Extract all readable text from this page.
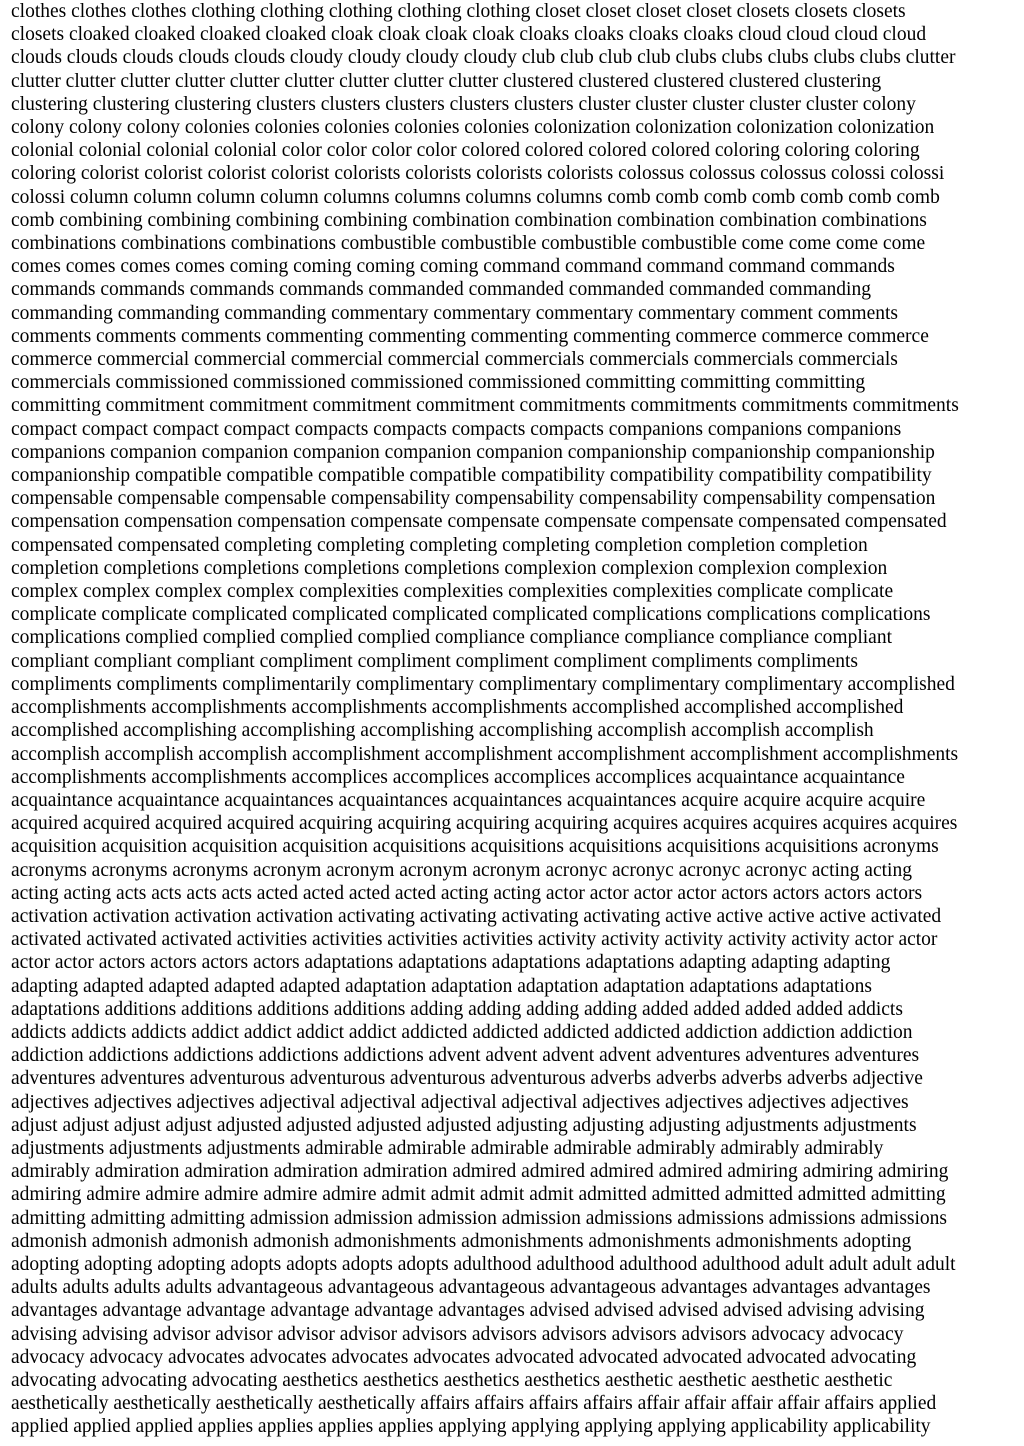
clothes clothes clothes clothing clothing clothing clothing clothing closet closet closet closet closets closets closets
closets cloaked cloaked cloaked cloaked cloak cloak cloak cloak cloaks cloaks cloaks cloaks cloud cloud cloud cloud
clouds clouds clouds clouds clouds cloudy cloudy cloudy cloudy club club club club clubs clubs clubs clubs clubs clutter
clutter clutter clutter clutter clutter clutter clutter clutter clutter clustered clustered clustered clustered clustering
clustering clustering clustering clusters clusters clusters clusters clusters cluster cluster cluster cluster cluster colony
colony colony colony colonies colonies colonies colonies colonies colonization colonization colonization colonization
colonial colonial colonial colonial color color color color colored colored colored colored coloring coloring coloring
coloring colorist colorist colorist colorist colorists colorists colorists colorists colossus colossus colossus colossi colossi
colossi column column column column columns columns columns columns comb comb comb comb comb comb comb
comb combining combining combining combining combination combination combination combination combinations
combinations combinations combinations combustible combustible combustible combustible come come come come
comes comes comes comes coming coming coming coming command command command command commands
commands commands commands commands commanded commanded commanded commanded commanding
commanding commanding commanding commentary commentary commentary commentary comment comments
comments comments comments commenting commenting commenting commenting commerce commerce commerce
commerce commercial commercial commercial commercial commercials commercials commercials commercials
commercials commissioned commissioned commissioned commissioned committing committing committing
committing commitment commitment commitment commitment commitments commitments commitments commitments
compact compact compact compact compacts compacts compacts compacts companions companions companions
companions companion companion companion companion companion companionship companionship companionship
companionship compatible compatible compatible compatible compatibility compatibility compatibility compatibility
compensable compensable compensable compensability compensability compensability compensability compensation
compensation compensation compensation compensate compensate compensate compensate compensated compensated
compensated compensated completing completing completing completing completion completion completion
completion completions completions completions completions complexion complexion complexion complexion
complex complex complex complex complexities complexities complexities complexities complicate complicate
complicate complicate complicated complicated complicated complicated complications complications complications
complications complied complied complied complied compliance compliance compliance compliance compliant
compliant compliant compliant compliment compliment compliment compliment compliments compliments
compliments compliments complimentarily complimentary complimentary complimentary complimentary accomplished
accomplishments accomplishments accomplishments accomplishments accomplished accomplished accomplished
accomplished accomplishing accomplishing accomplishing accomplishing accomplish accomplish accomplish
accomplish accomplish accomplish accomplishment accomplishment accomplishment accomplishment accomplishments
accomplishments accomplishments accomplices accomplices accomplices accomplices acquaintance acquaintance
acquaintance acquaintance acquaintances acquaintances acquaintances acquaintances acquire acquire acquire acquire
acquired acquired acquired acquired acquiring acquiring acquiring acquiring acquires acquires acquires acquires acquires
acquisition acquisition acquisition acquisition acquisitions acquisitions acquisitions acquisitions acquisitions acronyms
acronyms acronyms acronyms acronym acronym acronym acronym acronyc acronyc acronyc acronyc acting acting
acting acting acts acts acts acts acted acted acted acted acting acting actor actor actor actor actors actors actors actors
activation activation activation activation activating activating activating activating active active active active activated
activated activated activated activities activities activities activities activity activity activity activity activity actor actor
actor actor actors actors actors actors adaptations adaptations adaptations adaptations adapting adapting adapting
adapting adapted adapted adapted adapted adaptation adaptation adaptation adaptation adaptations adaptations
adaptations additions additions additions additions adding adding adding adding added added added added addicts
addicts addicts addicts addict addict addict addict addicted addicted addicted addicted addiction addiction addiction
addiction addictions addictions addictions addictions advent advent advent advent adventures adventures adventures
adventures adventures adventurous adventurous adventurous adventurous adverbs adverbs adverbs adverbs adjective
adjectives adjectives adjectives adjectival adjectival adjectival adjectival adjectives adjectives adjectives adjectives
adjust adjust adjust adjust adjusted adjusted adjusted adjusted adjusting adjusting adjusting adjustments adjustments
adjustments adjustments adjustments admirable admirable admirable admirable admirably admirably admirably
admirably admiration admiration admiration admiration admired admired admired admired admiring admiring admiring
admiring admire admire admire admire admire admit admit admit admit admitted admitted admitted admitted admitting
admitting admitting admitting admission admission admission admission admissions admissions admissions admissions
admonish admonish admonish admonish admonishments admonishments admonishments admonishments adopting
adopting adopting adopting adopts adopts adopts adopts adulthood adulthood adulthood adulthood adult adult adult adult
adults adults adults adults advantageous advantageous advantageous advantageous advantages advantages advantages
advantages advantage advantage advantage advantage advantages advised advised advised advised advising advising
advising advising advisor advisor advisor advisor advisors advisors advisors advisors advisors advocacy advocacy
advocacy advocacy advocates advocates advocates advocates advocated advocated advocated advocated advocating
advocating advocating advocating aesthetics aesthetics aesthetics aesthetics aesthetic aesthetic aesthetic aesthetic
aesthetically aesthetically aesthetically aesthetically affairs affairs affairs affairs affair affair affair affair affairs applied
applied applied applied applies applies applies applies applying applying applying applying applicability applicability
